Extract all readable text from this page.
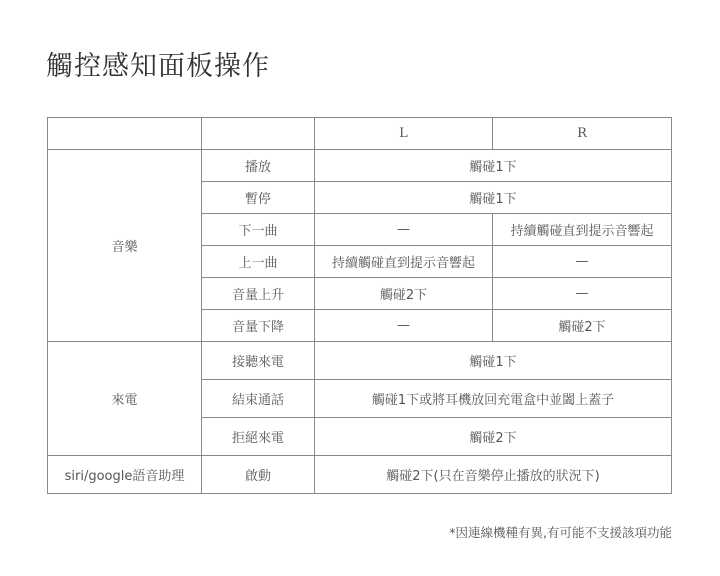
觸控感知面板操作
		L	R
音樂	播放	觸碰1下	
	暫停	觸碰1下	
	下一曲	—	持續觸碰直到提示音響起
	上一曲	持續觸碰直到提示音響起	—
	音量上升	觸碰2下	—
	音量下降	—	觸碰2下
來電	接聽來電	觸碰1下	
	結束通話	觸碰1下或將耳機放回充電盒中並闔上蓋子	
	拒絕來電	觸碰2下	
siri/google語音助理	啟動	觸碰2下(只在音樂停止播放的狀況下)	
*因連線機種有異,有可能不支援該項功能
